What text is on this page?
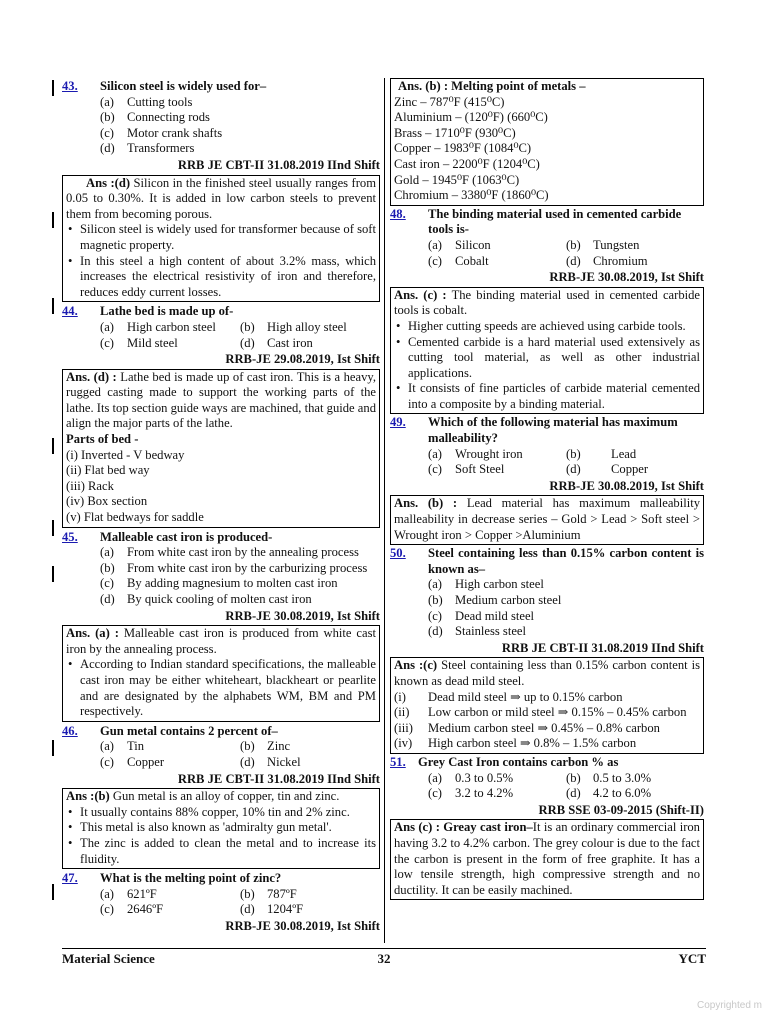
43.	Silicon steel is widely used for–
(a)	Cutting tools
(b) Connecting rods
(c)	Motor crank shafts
(d) Transformers
RRB JE CBT-II 31.08.2019 IInd Shift
Ans :(d) Silicon in the finished steel usually ranges from 0.05 to 0.30%. It is added in low carbon steels to prevent them from becoming porous.
• Silicon steel is widely used for transformer because of soft magnetic property.
• In this steel a high content of about 3.2% mass, which increases the electrical resistivity of iron and therefore, reduces eddy current losses.
44.	Lathe bed is made up of-
(a)	High carbon steel (b) High alloy steel
(c)	Mild steel	(d) Cast iron
RRB-JE 29.08.2019, Ist Shift
Ans. (d) : Lathe bed is made up of cast iron. This is a heavy, rugged casting made to support the working parts of the lathe. Its top section guide ways are machined, that guide and align the major parts of the lathe.
Parts of bed -
(i) Inverted - V bedway
(ii) Flat bed way
(iii) Rack
(iv) Box section
(v) Flat bedways for saddle
45.	Malleable cast iron is produced-
(a)	From white cast iron by the annealing process
(b) From white cast iron by the carburizing process
(c)	By adding magnesium to molten cast iron
(d) By quick cooling of molten cast iron
RRB-JE 30.08.2019, Ist Shift
Ans. (a) : Malleable cast iron is produced from white cast iron by the annealing process.
• According to Indian standard specifications, the malleable cast iron may be either whiteheart, blackheart or pearlite and are designated by the alphabets WM, BM and PM respectively.
46.	Gun metal contains 2 percent of–
(a)	Tin	(b) Zinc
(c)	Copper	(d) Nickel
RRB JE CBT-II 31.08.2019 IInd Shift
Ans :(b) Gun metal is an alloy of copper, tin and zinc.
• It usually contains 88% copper, 10% tin and 2% zinc.
• This metal is also known as 'admiralty gun metal'.
• The zinc is added to clean the metal and to increase its fluidity.
47.	What is the melting point of zinc?
(a)	621ºF	(b) 787ºF
(c)	2646ºF	(d) 1204ºF
RRB-JE 30.08.2019, Ist Shift
Ans. (b) : Melting point of metals –
Zinc – 787⁰F (415⁰C)
Aluminium – (120⁰F) (660⁰C)
Brass – 1710⁰F (930⁰C)
Copper – 1983⁰F (1084⁰C)
Cast iron – 2200⁰F (1204⁰C)
Gold – 1945⁰F (1063⁰C)
Chromium – 3380⁰F (1860⁰C)
48.	The binding material used in cemented carbide tools is-
(a)	Silicon	(b) Tungsten
(c)	Cobalt	(d) Chromium
RRB-JE 30.08.2019, Ist Shift
Ans. (c) : The binding material used in cemented carbide tools is cobalt.
• Higher cutting speeds are achieved using carbide tools.
• Cemented carbide is a hard material used extensively as cutting tool material, as well as other industrial applications.
• It consists of fine particles of carbide material cemented into a composite by a binding material.
49.	Which of the following material has maximum malleability?
(a)	Wrought iron	(b)	Lead
(c)	Soft Steel	(d)	Copper
RRB-JE 30.08.2019, Ist Shift
Ans. (b) : Lead material has maximum malleability malleability in decrease series – Gold > Lead > Soft steel > Wrought iron > Copper >Aluminium
50.	Steel containing less than 0.15% carbon content is known as–
(a)	High carbon steel
(b) Medium carbon steel
(c)	Dead mild steel
(d) Stainless steel
RRB JE CBT-II 31.08.2019 IInd Shift
Ans :(c) Steel containing less than 0.15% carbon content is known as dead mild steel.
(i)	Dead mild steel ⇒ up to 0.15% carbon
(ii)	Low carbon or mild steel ⇒ 0.15% – 0.45% carbon
(iii)	Medium carbon steel ⇒ 0.45% – 0.8% carbon
(iv)	High carbon steel ⇒ 0.8% – 1.5% carbon
51. Grey Cast Iron contains carbon % as
(a)	0.3 to 0.5%	(b) 0.5 to 3.0%
(c)	3.2 to 4.2%	(d) 4.2 to 6.0%
RRB SSE 03-09-2015 (Shift-II)
Ans (c) : Greay cast iron–It is an ordinary commercial iron having 3.2 to 4.2% carbon. The grey colour is due to the fact the carbon is present in the form of free graphite. It has a low tensile strength, high compressive strength and no ductility. It can be easily machined.
Material Science	32	YCT
Copyrighted m
